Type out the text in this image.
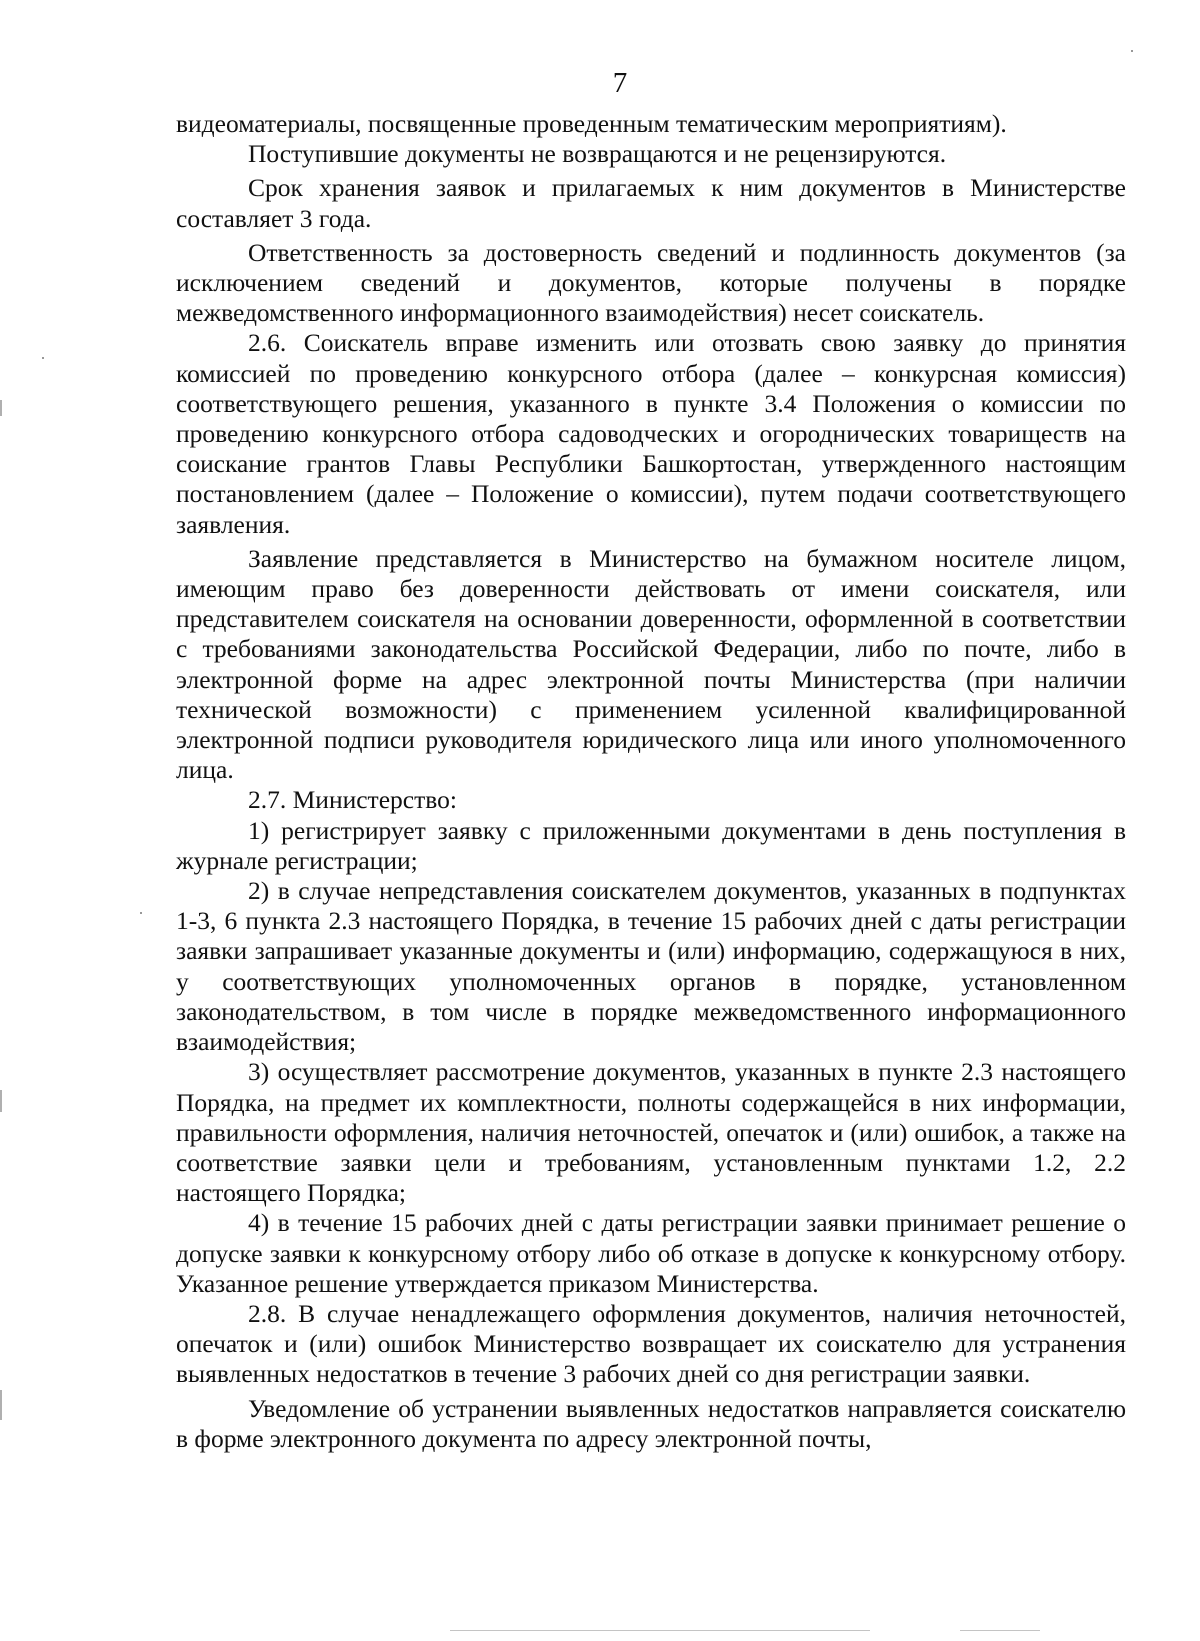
7

видеоматериалы, посвященные проведенным тематическим мероприятиям).

Поступившие документы не возвращаются и не рецензируются.

Срок хранения заявок и прилагаемых к ним документов в Министерстве составляет 3 года.

Ответственность за достоверность сведений и подлинность документов (за исключением сведений и документов, которые получены в порядке межведомственного информационного взаимодействия) несет соискатель.

2.6. Соискатель вправе изменить или отозвать свою заявку до принятия комиссией по проведению конкурсного отбора (далее – конкурсная комиссия) соответствующего решения, указанного в пункте 3.4 Положения о комиссии по проведению конкурсного отбора садоводческих и огороднических товариществ на соискание грантов Главы Республики Башкортостан, утвержденного настоящим постановлением (далее – Положение о комиссии), путем подачи соответствующего заявления.

Заявление представляется в Министерство на бумажном носителе лицом, имеющим право без доверенности действовать от имени соискателя, или представителем соискателя на основании доверенности, оформленной в соответствии с требованиями законодательства Российской Федерации, либо по почте, либо в электронной форме на адрес электронной почты Министерства (при наличии технической возможности) с применением усиленной квалифицированной электронной подписи руководителя юридического лица или иного уполномоченного лица.

2.7. Министерство:

1) регистрирует заявку с приложенными документами в день поступления в журнале регистрации;

2) в случае непредставления соискателем документов, указанных в подпунктах 1-3, 6 пункта 2.3 настоящего Порядка, в течение 15 рабочих дней с даты регистрации заявки запрашивает указанные документы и (или) информацию, содержащуюся в них, у соответствующих уполномоченных органов в порядке, установленном законодательством, в том числе в порядке межведомственного информационного взаимодействия;

3) осуществляет рассмотрение документов, указанных в пункте 2.3 настоящего Порядка, на предмет их комплектности, полноты содержащейся в них информации, правильности оформления, наличия неточностей, опечаток и (или) ошибок, а также на соответствие заявки цели и требованиям, установленным пунктами 1.2, 2.2 настоящего Порядка;

4) в течение 15 рабочих дней с даты регистрации заявки принимает решение о допуске заявки к конкурсному отбору либо об отказе в допуске к конкурсному отбору. Указанное решение утверждается приказом Министерства.

2.8. В случае ненадлежащего оформления документов, наличия неточностей, опечаток и (или) ошибок Министерство возвращает их соискателю для устранения выявленных недостатков в течение 3 рабочих дней со дня регистрации заявки.

Уведомление об устранении выявленных недостатков направляется соискателю в форме электронного документа по адресу электронной почты,
